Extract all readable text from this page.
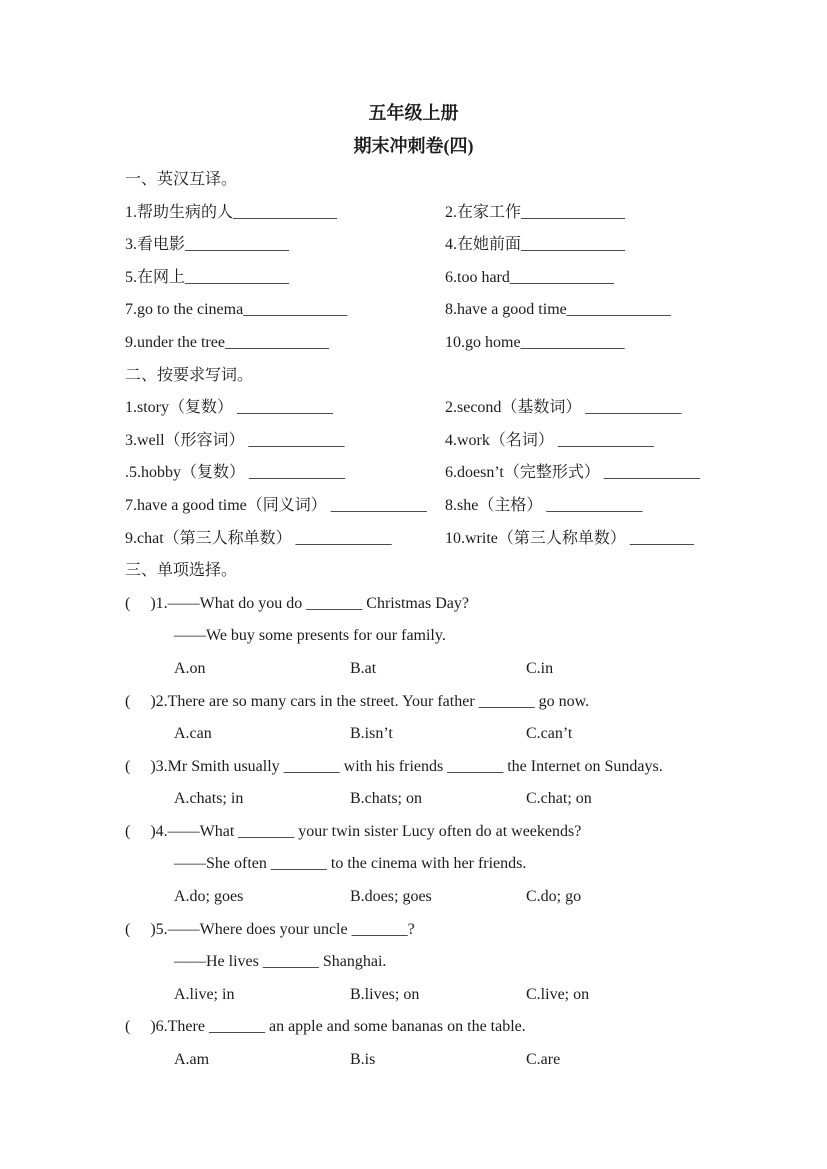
五年级上册
期末冲刺卷(四)
一、英汉互译。
1.帮助生病的人_____________	2.在家工作_____________
3.看电影_____________	4.在她前面_____________
5.在网上_____________	6.too hard_____________
7.go to the cinema_____________	8.have a good time_____________
9.under the tree_____________	10.go home_____________
二、按要求写词。
1.story（复数） ____________	2.second（基数词） ____________
3.well（形容词） ____________	4.work（名词） ____________
.5.hobby（复数） ____________	6.doesn’t（完整形式） ____________
7.have a good time（同义词） ____________	8.she（主格） ____________
9.chat（第三人称单数） ____________	10.write（第三人称单数） ________
三、单项选择。
(     )1.——What do you do _______ Christmas Day?
——We buy some presents for our family.
A.on	B.at	C.in
(     )2.There are so many cars in the street. Your father _______ go now.
A.can	B.isn’t	C.can’t
(     )3.Mr Smith usually _______ with his friends _______ the Internet on Sundays.
A.chats; in	B.chats; on	C.chat; on
(     )4.——What _______ your twin sister Lucy often do at weekends?
——She often _______ to the cinema with her friends.
A.do; goes	B.does; goes	C.do; go
(     )5.——Where does your uncle _______?
——He lives _______ Shanghai.
A.live; in	B.lives; on	C.live; on
(     )6.There _______ an apple and some bananas on the table.
A.am	B.is	C.are
